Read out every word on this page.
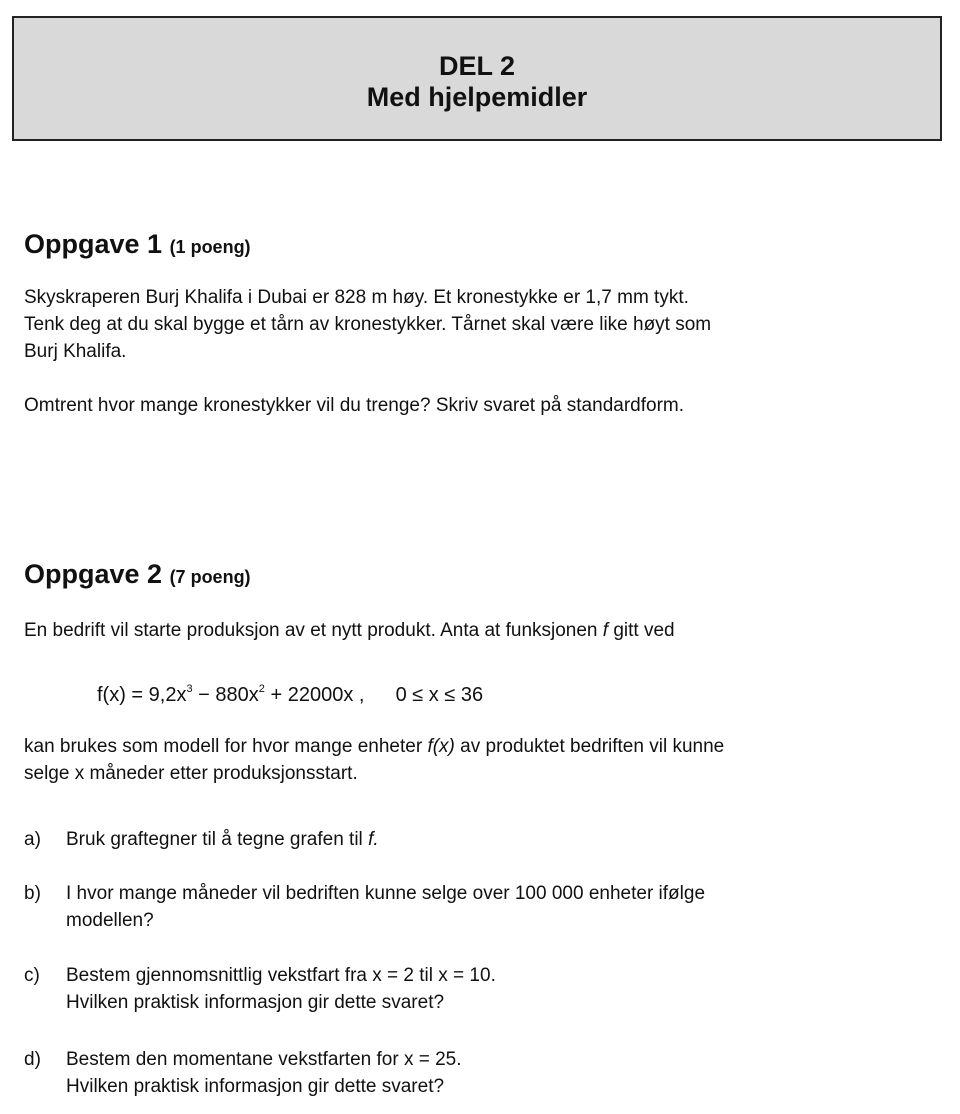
DEL 2
Med hjelpemidler
Oppgave 1 (1 poeng)
Skyskraperen Burj Khalifa i Dubai er 828 m høy. Et kronestykke er 1,7 mm tykt.
Tenk deg at du skal bygge et tårn av kronestykker. Tårnet skal være like høyt som
Burj Khalifa.
Omtrent hvor mange kronestykker vil du trenge? Skriv svaret på standardform.
Oppgave 2 (7 poeng)
En bedrift vil starte produksjon av et nytt produkt. Anta at funksjonen f gitt ved
$f(x) = 9,2x^3 - 880x^2 + 22000x$ , 0 ≤ x ≤ 36
kan brukes som modell for hvor mange enheter f(x) av produktet bedriften vil kunne
selge x måneder etter produksjonsstart.
a)	Bruk graftegner til å tegne grafen til f.
b)	I hvor mange måneder vil bedriften kunne selge over 100 000 enheter ifølge
modellen?
c)	Bestem gjennomsnittlig vekstfart fra x = 2 til x = 10.
Hvilken praktisk informasjon gir dette svaret?
d)	Bestem den momentane vekstfarten for x = 25.
Hvilken praktisk informasjon gir dette svaret?
